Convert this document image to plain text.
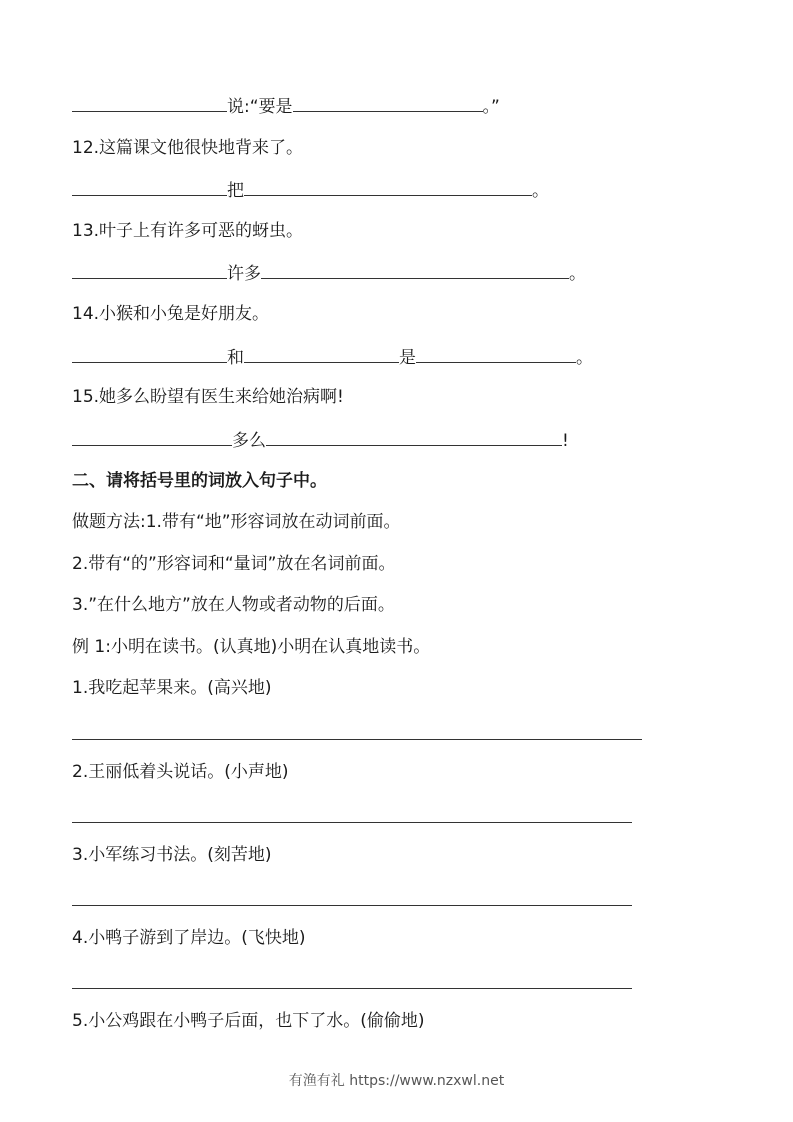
说:“要是	。”
12.这篇课文他很快地背来了。
把	。
13.叶子上有许多可恶的蚜虫。
许多	。
14.小猴和小兔是好朋友。
和	是	。
15.她多么盼望有医生来给她治病啊!
多么	!
二、请将括号里的词放入句子中。
做题方法:1.带有“地”形容词放在动词前面。
2.带有“的”形容词和“量词”放在名词前面。
3.”在什么地方”放在人物或者动物的后面。
例 1:小明在读书。(认真地)小明在认真地读书。
1.我吃起苹果来。(高兴地)
2.王丽低着头说话。(小声地)
3.小军练习书法。(刻苦地)
4.小鸭子游到了岸边。(飞快地)
5.小公鸡跟在小鸭子后面，也下了水。(偷偷地)
有渔有礼 https://www.nzxwl.net
